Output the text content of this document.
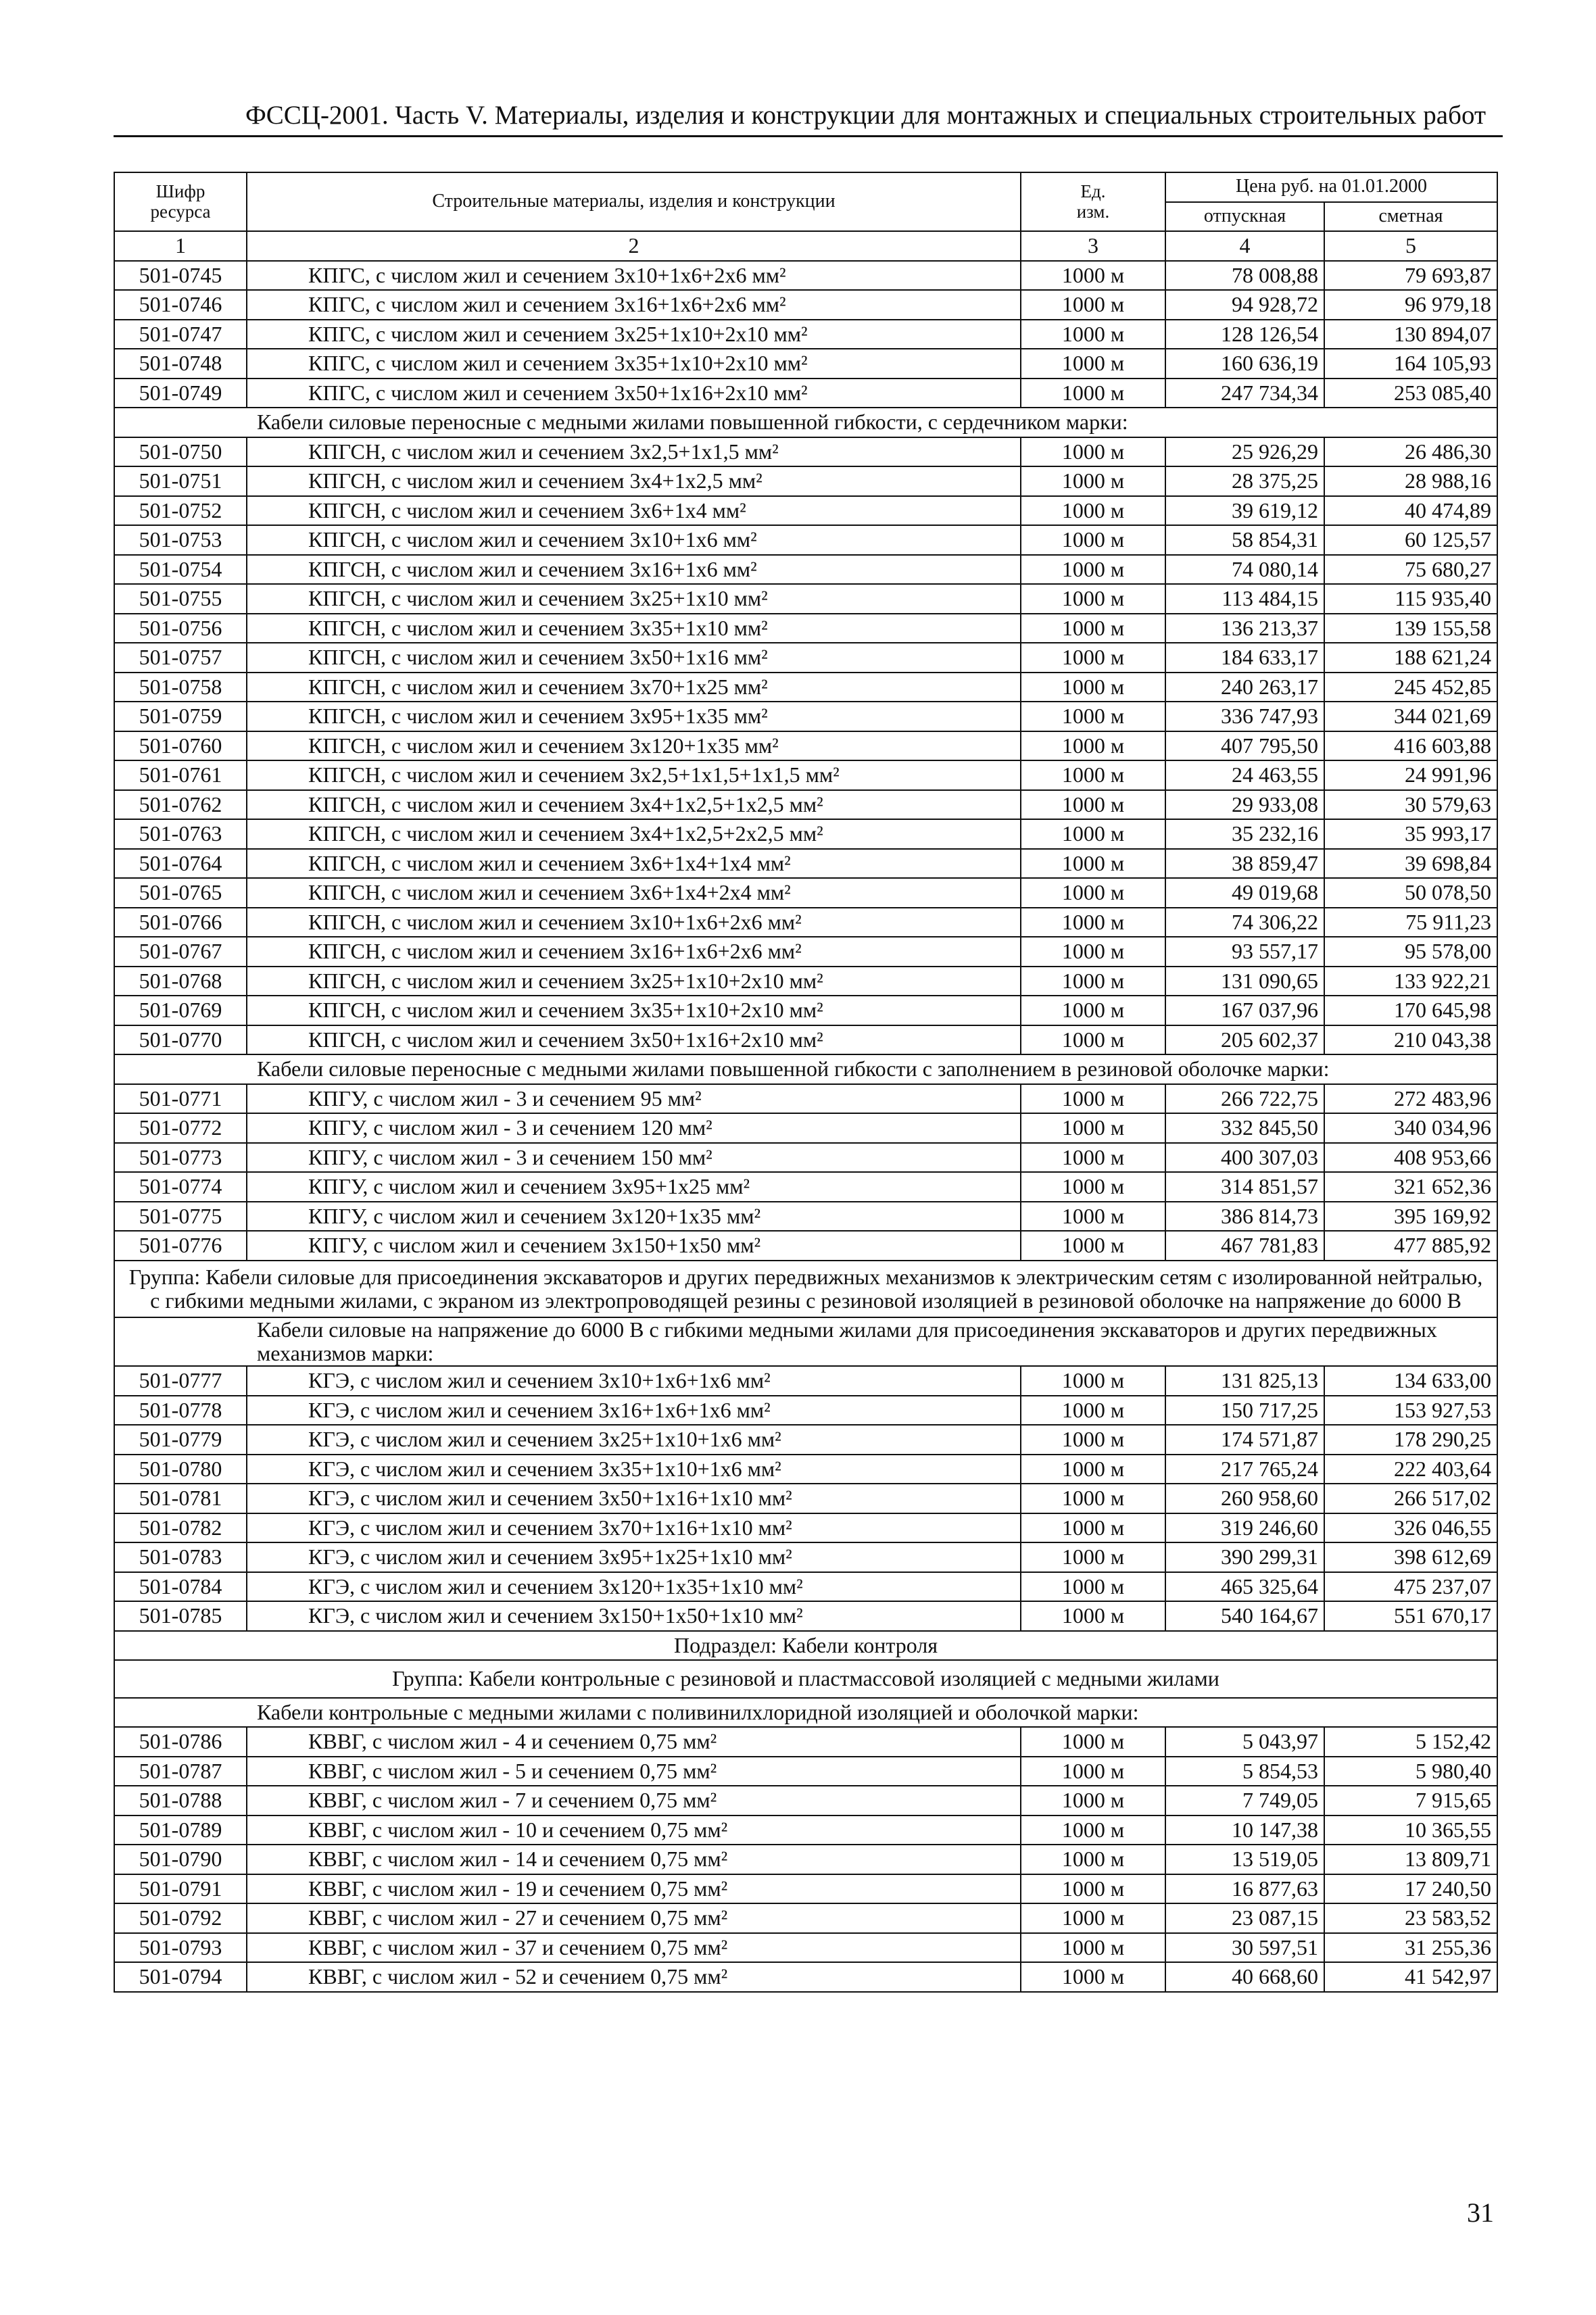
ФССЦ-2001. Часть V. Материалы, изделия и конструкции для монтажных и специальных строительных работ
Шифр ресурса	Строительные материалы, изделия и конструкции	Ед. изм.	Цена руб. на 01.01.2000	
			отпускная	сметная
1	2	3	4	5
501-0745	КПГС, с числом жил и сечением 3х10+1х6+2х6 мм²	1000 м	78 008,88	79 693,87
501-0746	КПГС, с числом жил и сечением 3х16+1х6+2х6 мм²	1000 м	94 928,72	96 979,18
501-0747	КПГС, с числом жил и сечением 3х25+1х10+2х10 мм²	1000 м	128 126,54	130 894,07
501-0748	КПГС, с числом жил и сечением 3х35+1х10+2х10 мм²	1000 м	160 636,19	164 105,93
501-0749	КПГС, с числом жил и сечением 3х50+1х16+2х10 мм²	1000 м	247 734,34	253 085,40
Кабели силовые переносные с медными жилами повышенной гибкости, с сердечником марки:				
501-0750	КПГСН, с числом жил и сечением 3х2,5+1х1,5 мм²	1000 м	25 926,29	26 486,30
501-0751	КПГСН, с числом жил и сечением 3х4+1х2,5 мм²	1000 м	28 375,25	28 988,16
501-0752	КПГСН, с числом жил и сечением 3х6+1х4 мм²	1000 м	39 619,12	40 474,89
501-0753	КПГСН, с числом жил и сечением 3х10+1х6 мм²	1000 м	58 854,31	60 125,57
501-0754	КПГСН, с числом жил и сечением 3х16+1х6 мм²	1000 м	74 080,14	75 680,27
501-0755	КПГСН, с числом жил и сечением 3х25+1х10 мм²	1000 м	113 484,15	115 935,40
501-0756	КПГСН, с числом жил и сечением 3х35+1х10 мм²	1000 м	136 213,37	139 155,58
501-0757	КПГСН, с числом жил и сечением 3х50+1х16 мм²	1000 м	184 633,17	188 621,24
501-0758	КПГСН, с числом жил и сечением 3х70+1х25 мм²	1000 м	240 263,17	245 452,85
501-0759	КПГСН, с числом жил и сечением 3х95+1х35 мм²	1000 м	336 747,93	344 021,69
501-0760	КПГСН, с числом жил и сечением 3х120+1х35 мм²	1000 м	407 795,50	416 603,88
501-0761	КПГСН, с числом жил и сечением 3х2,5+1х1,5+1х1,5 мм²	1000 м	24 463,55	24 991,96
501-0762	КПГСН, с числом жил и сечением 3х4+1х2,5+1х2,5 мм²	1000 м	29 933,08	30 579,63
501-0763	КПГСН, с числом жил и сечением 3х4+1х2,5+2х2,5 мм²	1000 м	35 232,16	35 993,17
501-0764	КПГСН, с числом жил и сечением 3х6+1х4+1х4 мм²	1000 м	38 859,47	39 698,84
501-0765	КПГСН, с числом жил и сечением 3х6+1х4+2х4 мм²	1000 м	49 019,68	50 078,50
501-0766	КПГСН, с числом жил и сечением 3х10+1х6+2х6 мм²	1000 м	74 306,22	75 911,23
501-0767	КПГСН, с числом жил и сечением 3х16+1х6+2х6 мм²	1000 м	93 557,17	95 578,00
501-0768	КПГСН, с числом жил и сечением 3х25+1х10+2х10 мм²	1000 м	131 090,65	133 922,21
501-0769	КПГСН, с числом жил и сечением 3х35+1х10+2х10 мм²	1000 м	167 037,96	170 645,98
501-0770	КПГСН, с числом жил и сечением 3х50+1х16+2х10 мм²	1000 м	205 602,37	210 043,38
Кабели силовые переносные с медными жилами повышенной гибкости с заполнением в резиновой оболочке марки:				
501-0771	КПГУ, с числом жил - 3 и сечением 95 мм²	1000 м	266 722,75	272 483,96
501-0772	КПГУ, с числом жил - 3 и сечением 120 мм²	1000 м	332 845,50	340 034,96
501-0773	КПГУ, с числом жил - 3 и сечением 150 мм²	1000 м	400 307,03	408 953,66
501-0774	КПГУ, с числом жил и сечением 3х95+1х25 мм²	1000 м	314 851,57	321 652,36
501-0775	КПГУ, с числом жил и сечением 3х120+1х35 мм²	1000 м	386 814,73	395 169,92
501-0776	КПГУ, с числом жил и сечением 3х150+1х50 мм²	1000 м	467 781,83	477 885,92
Группа: Кабели силовые для присоединения экскаваторов и других передвижных механизмов к электрическим сетям с изолированной нейтралью, с гибкими медными жилами, с экраном из электропроводящей резины с резиновой изоляцией в резиновой оболочке на напряжение до 6000 В				
Кабели силовые на напряжение до 6000 В с гибкими медными жилами для присоединения экскаваторов и других передвижных механизмов марки:				
501-0777	КГЭ, с числом жил и сечением 3х10+1х6+1х6 мм²	1000 м	131 825,13	134 633,00
501-0778	КГЭ, с числом жил и сечением 3х16+1х6+1х6 мм²	1000 м	150 717,25	153 927,53
501-0779	КГЭ, с числом жил и сечением 3х25+1х10+1х6 мм²	1000 м	174 571,87	178 290,25
501-0780	КГЭ, с числом жил и сечением 3х35+1х10+1х6 мм²	1000 м	217 765,24	222 403,64
501-0781	КГЭ, с числом жил и сечением 3х50+1х16+1х10 мм²	1000 м	260 958,60	266 517,02
501-0782	КГЭ, с числом жил и сечением 3х70+1х16+1х10 мм²	1000 м	319 246,60	326 046,55
501-0783	КГЭ, с числом жил и сечением 3х95+1х25+1х10 мм²	1000 м	390 299,31	398 612,69
501-0784	КГЭ, с числом жил и сечением 3х120+1х35+1х10 мм²	1000 м	465 325,64	475 237,07
501-0785	КГЭ, с числом жил и сечением 3х150+1х50+1х10 мм²	1000 м	540 164,67	551 670,17
Подраздел: Кабели контроля				
Группа: Кабели контрольные с резиновой и пластмассовой изоляцией с медными жилами				
Кабели контрольные с медными жилами с поливинилхлоридной изоляцией и оболочкой марки:				
501-0786	КВВГ, с числом жил - 4 и сечением 0,75 мм²	1000 м	5 043,97	5 152,42
501-0787	КВВГ, с числом жил - 5 и сечением 0,75 мм²	1000 м	5 854,53	5 980,40
501-0788	КВВГ, с числом жил - 7 и сечением 0,75 мм²	1000 м	7 749,05	7 915,65
501-0789	КВВГ, с числом жил - 10 и сечением 0,75 мм²	1000 м	10 147,38	10 365,55
501-0790	КВВГ, с числом жил - 14 и сечением 0,75 мм²	1000 м	13 519,05	13 809,71
501-0791	КВВГ, с числом жил - 19 и сечением 0,75 мм²	1000 м	16 877,63	17 240,50
501-0792	КВВГ, с числом жил - 27 и сечением 0,75 мм²	1000 м	23 087,15	23 583,52
501-0793	КВВГ, с числом жил - 37 и сечением 0,75 мм²	1000 м	30 597,51	31 255,36
501-0794	КВВГ, с числом жил - 52 и сечением 0,75 мм²	1000 м	40 668,60	41 542,97
31
